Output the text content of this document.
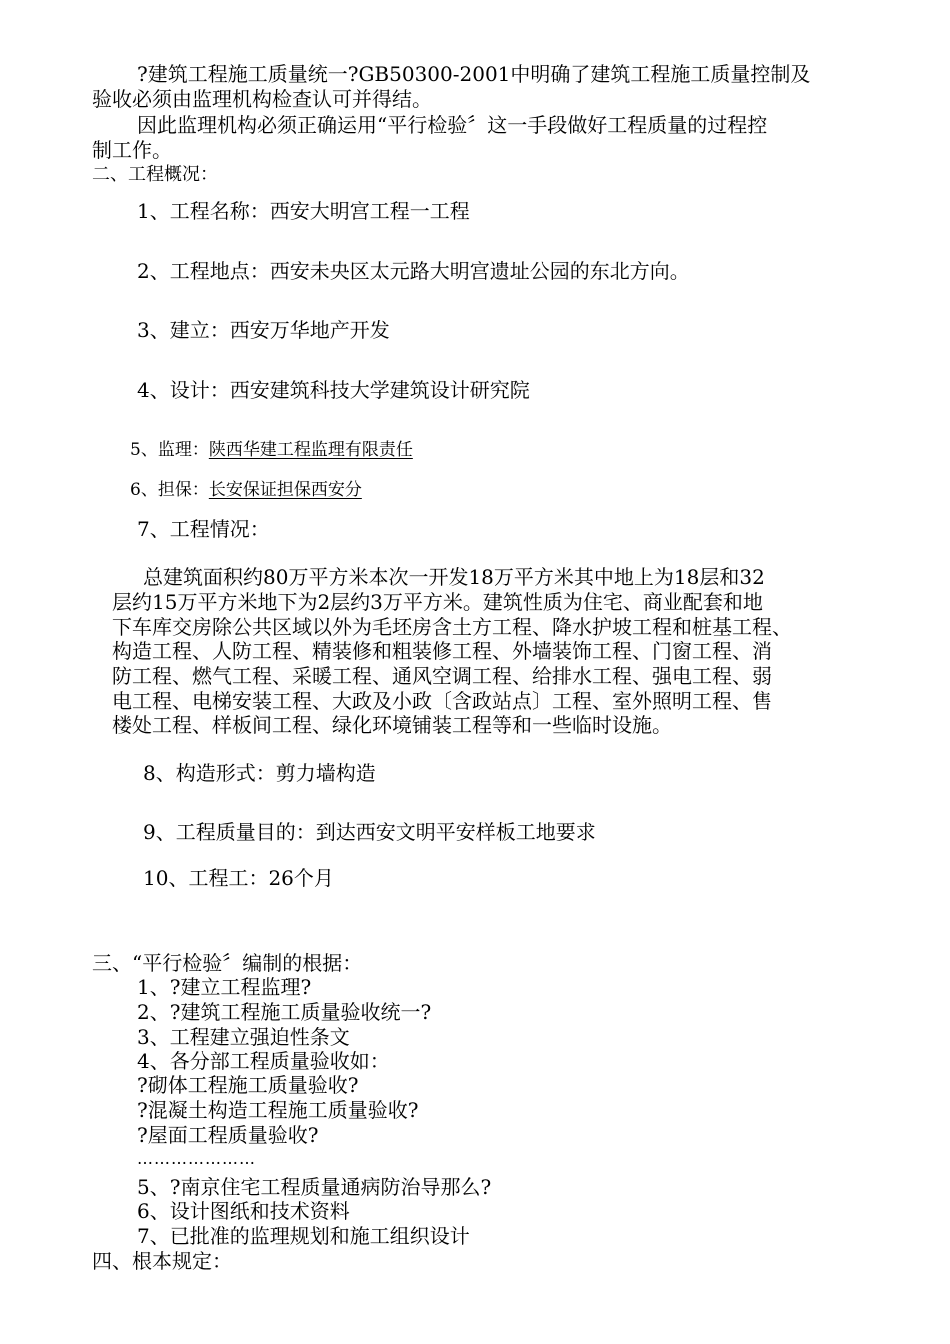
?建筑工程施工质量统一?GB50300-2001中明确了建筑工程施工质量控制及
验收必须由监理机构检查认可并得结。
因此监理机构必须正确运用“平行检验〞这一手段做好工程质量的过程控
制工作。
二、工程概况：
1、工程名称：西安大明宫工程一工程
2、工程地点：西安未央区太元路大明宫遗址公园的东北方向。
3、建立：西安万华地产开发
4、设计：西安建筑科技大学建筑设计研究院
5、监理：陕西华建工程监理有限责任
6、担保：长安保证担保西安分
7、工程情况：
总建筑面积约80万平方米本次一开发18万平方米其中地上为18层和32
层约15万平方米地下为2层约3万平方米。建筑性质为住宅、商业配套和地
下车库交房除公共区域以外为毛坯房含土方工程、降水护坡工程和桩基工程、
构造工程、人防工程、精装修和粗装修工程、外墙装饰工程、门窗工程、消
防工程、燃气工程、采暖工程、通风空调工程、给排水工程、强电工程、弱
电工程、电梯安装工程、大政及小政〔含政站点〕工程、室外照明工程、售
楼处工程、样板间工程、绿化环境铺装工程等和一些临时设施。
8、构造形式：剪力墙构造
9、工程质量目的：到达西安文明平安样板工地要求
10、工程工：26个月
三、“平行检验〞编制的根据：
1、?建立工程监理?
2、?建筑工程施工质量验收统一?
3、工程建立强迫性条文
4、各分部工程质量验收如：
?砌体工程施工质量验收?
?混凝土构造工程施工质量验收?
?屋面工程质量验收?
…………………
5、?南京住宅工程质量通病防治导那么?
6、设计图纸和技术资料
7、已批准的监理规划和施工组织设计
四、根本规定：
